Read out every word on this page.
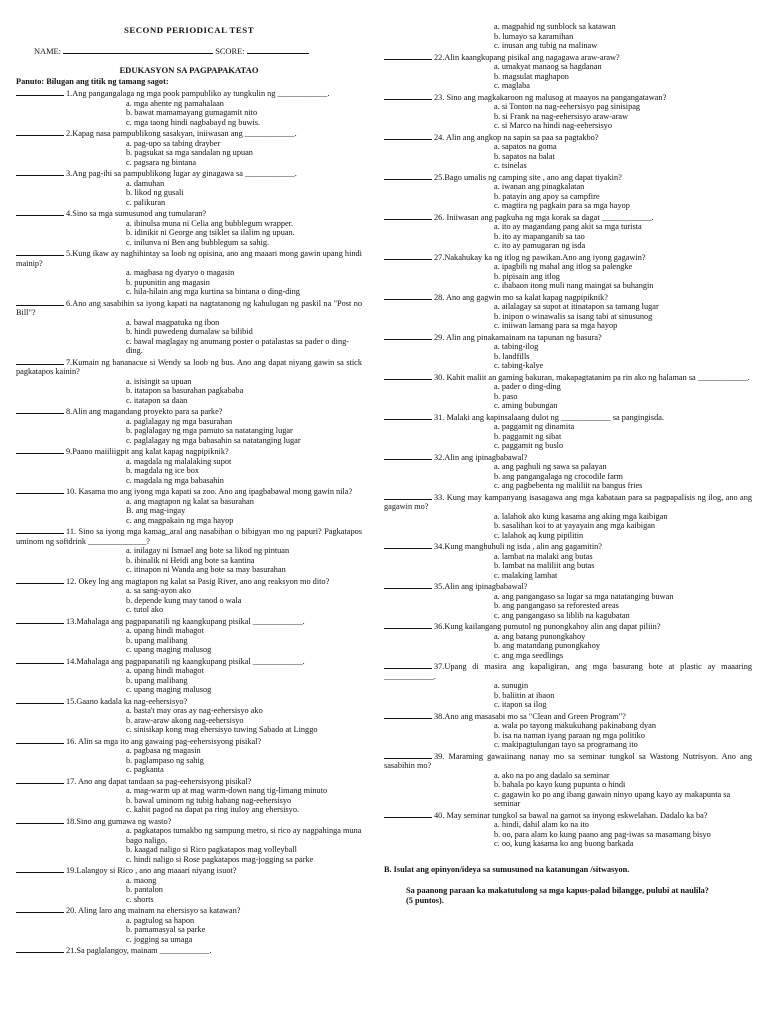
SECOND PERIODICAL TEST
NAME:	SCORE:
EDUKASYON SA PAGPAPAKATAO
Panuto: Bilugan ang titik ng tamang sagot:
1.Ang pangangalaga ng mga pook pampubliko ay tungkulin ng ____________.
a. mga ahente ng pamahalaan
b. bawat mamamayang gumagamit nito
c. mga taong hindi nagbabayd ng buwis.
2.Kapag nasa pampublikong sasakyan, iniiwasan ang ____________.
a. pag-upo sa tabing drayber
b. pagsukat sa mga sandalan ng upuan
c. pagsara ng bintana
3.Ang pag-ihi sa pampublikong lugar ay ginagawa sa ____________.
a. damuhan
b. likod ng gusali
c. palikuran
4.Sino sa mga sumusunod ang tumularan?
a. ibinulsa muna ni Celia ang bubblegum wrapper.
b. idinikit ni George ang tsiklet sa ilalim ng upuan.
c. inilunva ni Ben ang bubblegum sa sahig.
5.Kung ikaw ay naghihintay sa loob ng opisina, ano ang maaari mong gawin upang hindi mainip?
a. magbasa ng dyaryo o magasin
b. pupunitin ang magasin
c. hila-hilain ang mga kurtina sa bintana o ding-ding
6.Ano ang sasabihin sa iyong kapati na nagtatanong ng kahulugan ng paskil na "Post no Bill"?
a. bawal magpatuka ng ibon
b. hindi puwedeng dumalaw sa bilibid
c. bawal maglagay ng anumang poster o patalastas sa pader o ding-ding.
7.Kumain ng bananacue si Wendy sa loob ng bus. Ano ang dapat niyang gawin sa stick pagkatapos kainin?
a. isisingit sa upuan
b. itatapon sa basurahan pagkababa
c. itatapon sa daan
8.Alin ang magandang proyekto para sa parke?
a. paglalagay ng mga basurahan
b. paglalagay ng mga pamuto sa natatanging lugar
c. paglalagay ng mga babasahin sa natatanging lugar
9.Paano maiiliigpit ang kalat kapag nagpipiknik?
a. magdala ng malalaking supot
b. magdala ng ice box
c. magdala ng mga babasahin
10. Kasama mo ang iyong mga kapati sa zoo. Ano ang ipagbabawal mong gawin nila?
a. ang magtapon ng kalat sa basurahan
B. ang mag-ingay
c. ang magpakain ng mga hayop
11. Sino sa iyong mga kamag_aral ang nasabihan o bibigyan mo ng papuri? Pagkatapos uminom ng softdrink ______________?
a. inilagay ni Ismael ang bote sa likod ng pintuan
b. ibinalik ni Heidi ang bote sa kantina
c. itinapon ni Wanda ang bote sa may basurahan
12. Okey lng ang magtapon ng kalat sa Pasig River, ano ang reaksyon mo dito?
a. sa sang-ayon ako
b. depende kung may tanod o wala
c. tutol ako
13.Mahalaga ang pagpapanatili ng kaangkupang pisikal ____________.
a. upang hindi mabagot
b. upang malibang
c. upang maging malusog
14.Mahalaga ang pagpapanatili ng kaangkupang pisikal ____________.
a. upang hindi mabagot
b. upang malibang
c. upang maging malusog
15.Gaano kadala ka nag-eehersisyo?
a. basta't may oras ay nag-eehersisyo ako
b. araw-araw akong nag-eehersisyo
c. sinisikap kong mag ehersisyo tuwing Sabado at Linggo
16. Alin sa mga ito ang gawaing pag-eehersisyong pisikal?
a. pagbasa ng magasin
b. paglampaso ng sahig
c. pagkanta
17. Ano ang dapat tandaan sa pag-eehersisyong pisikal?
a. mag-warm up at mag warm-down nang tig-limang minuto
b. bawal uminom ng tubig habang nag-eehersisyo
c. kahit pagod na dapat pa ring ituloy ang ehersisyo.
18.Sino ang gumawa ng wasto?
a. pagkatapos tumakbo ng sampung metro, si rico ay nagpahinga muna bago naligo.
b. kaagad naligo si Rico pagkatapos mag volleyball
c. hindi naligo si Rose pagkatapos mag-jogging sa parke
19.Lalangoy si Rico , ano ang maaari niyang isuot?
a. maong
b. pantalon
c. shorts
20. Aling laro ang mainam na ehersisyo sa katawan?
a. pagtulog sa hapon
b. pamamasyal sa parke
c. jogging sa umaga
21.Sa paglalangoy, mainam ____________.
a. magpahid ng sunblock sa katawan
b. lumayo sa karamihan
c. inusan ang tubig na malinaw
22.Alin kaangkupang pisikal ang nagagawa araw-araw?
a. umakyat manaog sa hagdanan
b. magsulat maghapon
c. maglaba
23. Sino ang magkakaroon ng malusog at maayos na pangangatawan?
a. si Tonton na nag-eehersisyo pag sinisipag
b. si Frank na nag-eehersisyo araw-araw
c. si Marco na hindi nag-eehersisyo
24. Alin ang angkop na sapin sa paa sa pagtakbo?
a. sapatos na goma
b. sapatos na balat
c. tsinelas
25.Bago umalis ng camping site , ano ang dapat tiyakin?
a. iwanan ang pinagkalatan
b. patayin ang apoy sa campfire
c. magtira ng pagkain para sa mga hayop
26. Iniiwasan ang pagkuha ng mga korak sa dagat ____________.
a. ito ay magandang pang akit sa mga turista
b. ito ay mapanganib sa tao
c. ito ay pamugaran ng isda
27.Nakahukay ka ng itlog ng pawikan.Ano ang iyong gagawin?
a. ipagbili ng mahal ang itlog sa palengke
b. pipisain ang itlog
c. ibabaon itong muli nang maingat sa buhangin
28. Ano ang gagwin mo sa kalat kapag nagpipiknik?
a. ailalagay sa supot at itinatapon sa tamang lugar
b. inipon o winawalis sa isang tabi at sinusunog
c. iniiwan lamang para sa mga hayop
29. Alin ang pinakamainam na tapunan ng basura?
a. tabing-ilog
b. landfills
c. tabing-kalye
30. Kahit maliit an gaming bakuran, makapagtatanim pa rin ako ng halaman sa ____________.
a. pader o ding-ding
b. paso
c. aming bubungan
31. Malaki ang kapinsalaang dulot ng ____________ sa pangingisda.
a. paggamit ng dinamita
b. paggamit ng sibat
c. paggamit ng buslo
32.Alin ang ipinagbabawal?
a. ang paghuli ng sawa sa palayan
b. ang pangangalaga ng crocodile farm
c. ang pagbebenta ng maliliit na bangus fries
33. Kung may kampanyang isasagawa ang mga kabataan para sa pagpapalisis ng ilog, ano ang gagawin mo?
a. lalahok ako kung kasama ang aking mga kaibigan
b. sasalihan koi to at yayayain ang mga kaibigan
c. lalahok aq kung pipilitin
34.Kung manghuhuli ng isda , alin ang gagamitin?
a. lambat na malaki ang butas
b. lambat na maliliit ang butas
c. malaking lambat
35.Alin ang ipinagbabawal?
a. ang pangangaso sa lugar sa mga natatanging buwan
b. ang pangangaso sa reforested areas
c. ang pangangaso sa liblib na kagubatan
36.Kung kailangang pumutol ng punongkahoy alin ang dapat piliin?
a. ang batang punongkahoy
b. ang matandang punongkahoy
c. ang mga seedlings
37.Upang di masira ang kapaligiran, ang mga basurang bote at plastic ay maaaring ____________.
a. sunugin
b. baliitin at ibaon
c. itapon sa ilog
38.Ano ang masasabi mo sa "Clean and Green Program"?
a. wala po tayong makukuhang pakinabang dyan
b. isa na naman iyang paraan ng mga politiko
c. makipagtulungan tayo sa programang ito
39. Maraming gawaiinang nanay mo sa seminar tungkol sa Wastong Nutrisyon. Ano ang sasabihin mo?
a. ako na po ang dadalo sa seminar
b. bahala po kayo kung pupunta o hindi
c. gagawin ko po ang ibang gawain ninyo upang kayo ay makapunta sa seminar
40. May seminar tungkol sa bawal na gamot sa inyong eskwelahan. Dadalo ka ba?
a. hindi, dahil alam ko na ito
b. oo, para alam ko kung paano ang pag-iwas sa masamang bisyo
c. oo, kung kasama ko ang buong barkada
B. Isulat ang opinyon/ideya sa sumusunod na katanungan /sitwasyon.
Sa paanong paraan ka makatutulong sa mga kapus-palad bilangge, pulubi at naulila?
(5 puntos).
